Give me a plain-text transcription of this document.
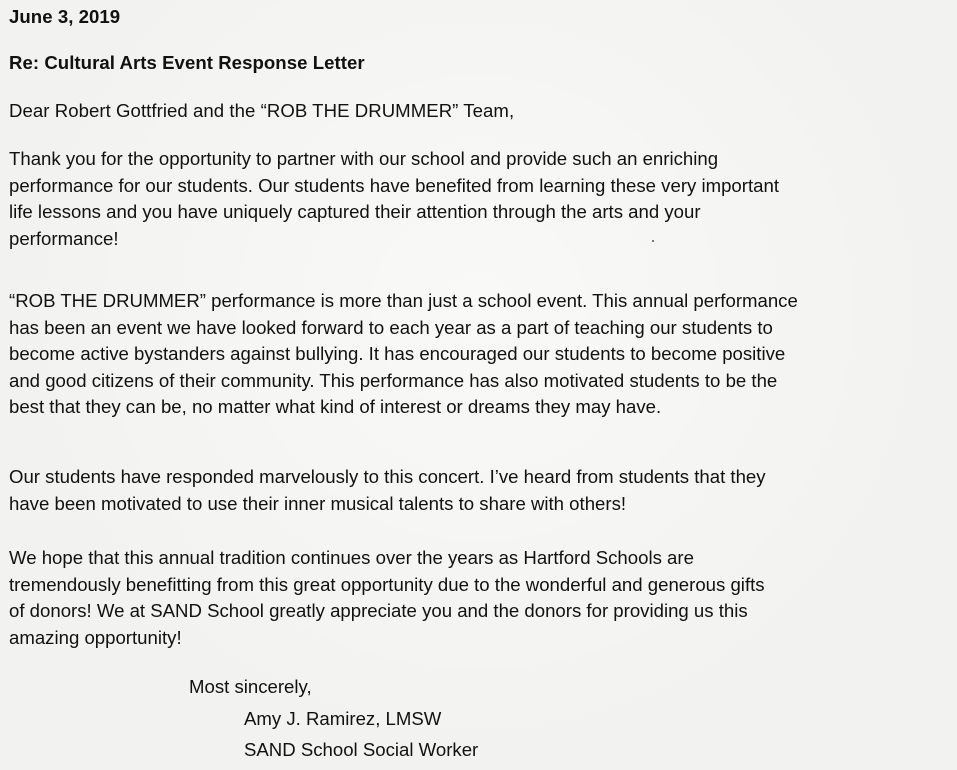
June 3, 2019
Re: Cultural Arts Event Response Letter
Dear Robert Gottfried and the “ROB THE DRUMMER” Team,
Thank you for the opportunity to partner with our school and provide such an enriching
performance for our students. Our students have benefited from learning these very important
life lessons and you have uniquely captured their attention through the arts and your
performance!
“ROB THE DRUMMER” performance is more than just a school event. This annual performance
has been an event we have looked forward to each year as a part of teaching our students to
become active bystanders against bullying. It has encouraged our students to become positive
and good citizens of their community. This performance has also motivated students to be the
best that they can be, no matter what kind of interest or dreams they may have.
Our students have responded marvelously to this concert. I’ve heard from students that they
have been motivated to use their inner musical talents to share with others!
We hope that this annual tradition continues over the years as Hartford Schools are
tremendously benefitting from this great opportunity due to the wonderful and generous gifts
of donors! We at SAND School greatly appreciate you and the donors for providing us this
amazing opportunity!
Most sincerely,
Amy J. Ramirez, LMSW
SAND School Social Worker
